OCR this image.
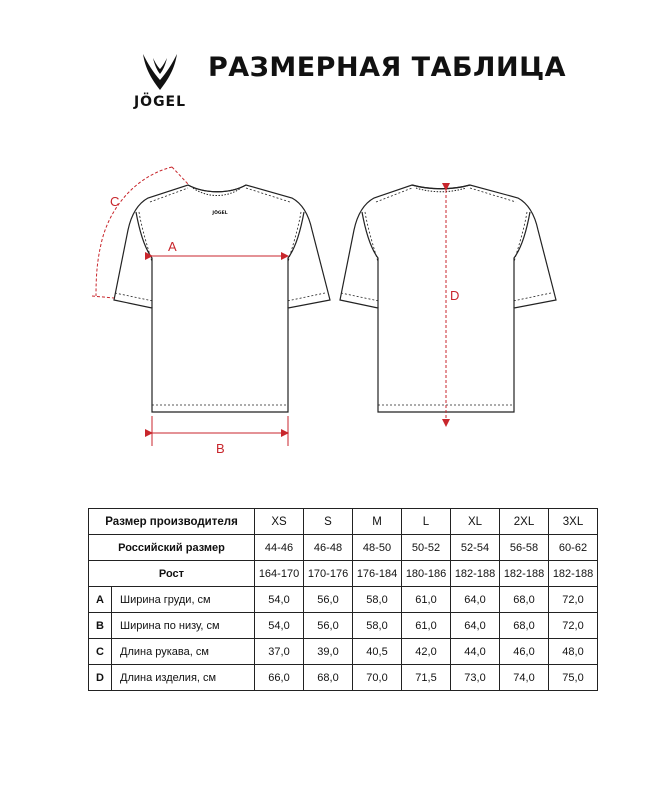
JÖGEL
РАЗМЕРНАЯ ТАБЛИЦА
JÖGEL
A
B
C
D
Размер производителя		XS	S	M	L	XL	2XL	3XL
Российский размер		44-46	46-48	48-50	50-52	52-54	56-58	60-62
Рост		164-170	170-176	176-184	180-186	182-188	182-188	182-188
A	Ширина груди, см	54,0	56,0	58,0	61,0	64,0	68,0	72,0
B	Ширина по низу, см	54,0	56,0	58,0	61,0	64,0	68,0	72,0
C	Длина рукава, см	37,0	39,0	40,5	42,0	44,0	46,0	48,0
D	Длина изделия, см	66,0	68,0	70,0	71,5	73,0	74,0	75,0
